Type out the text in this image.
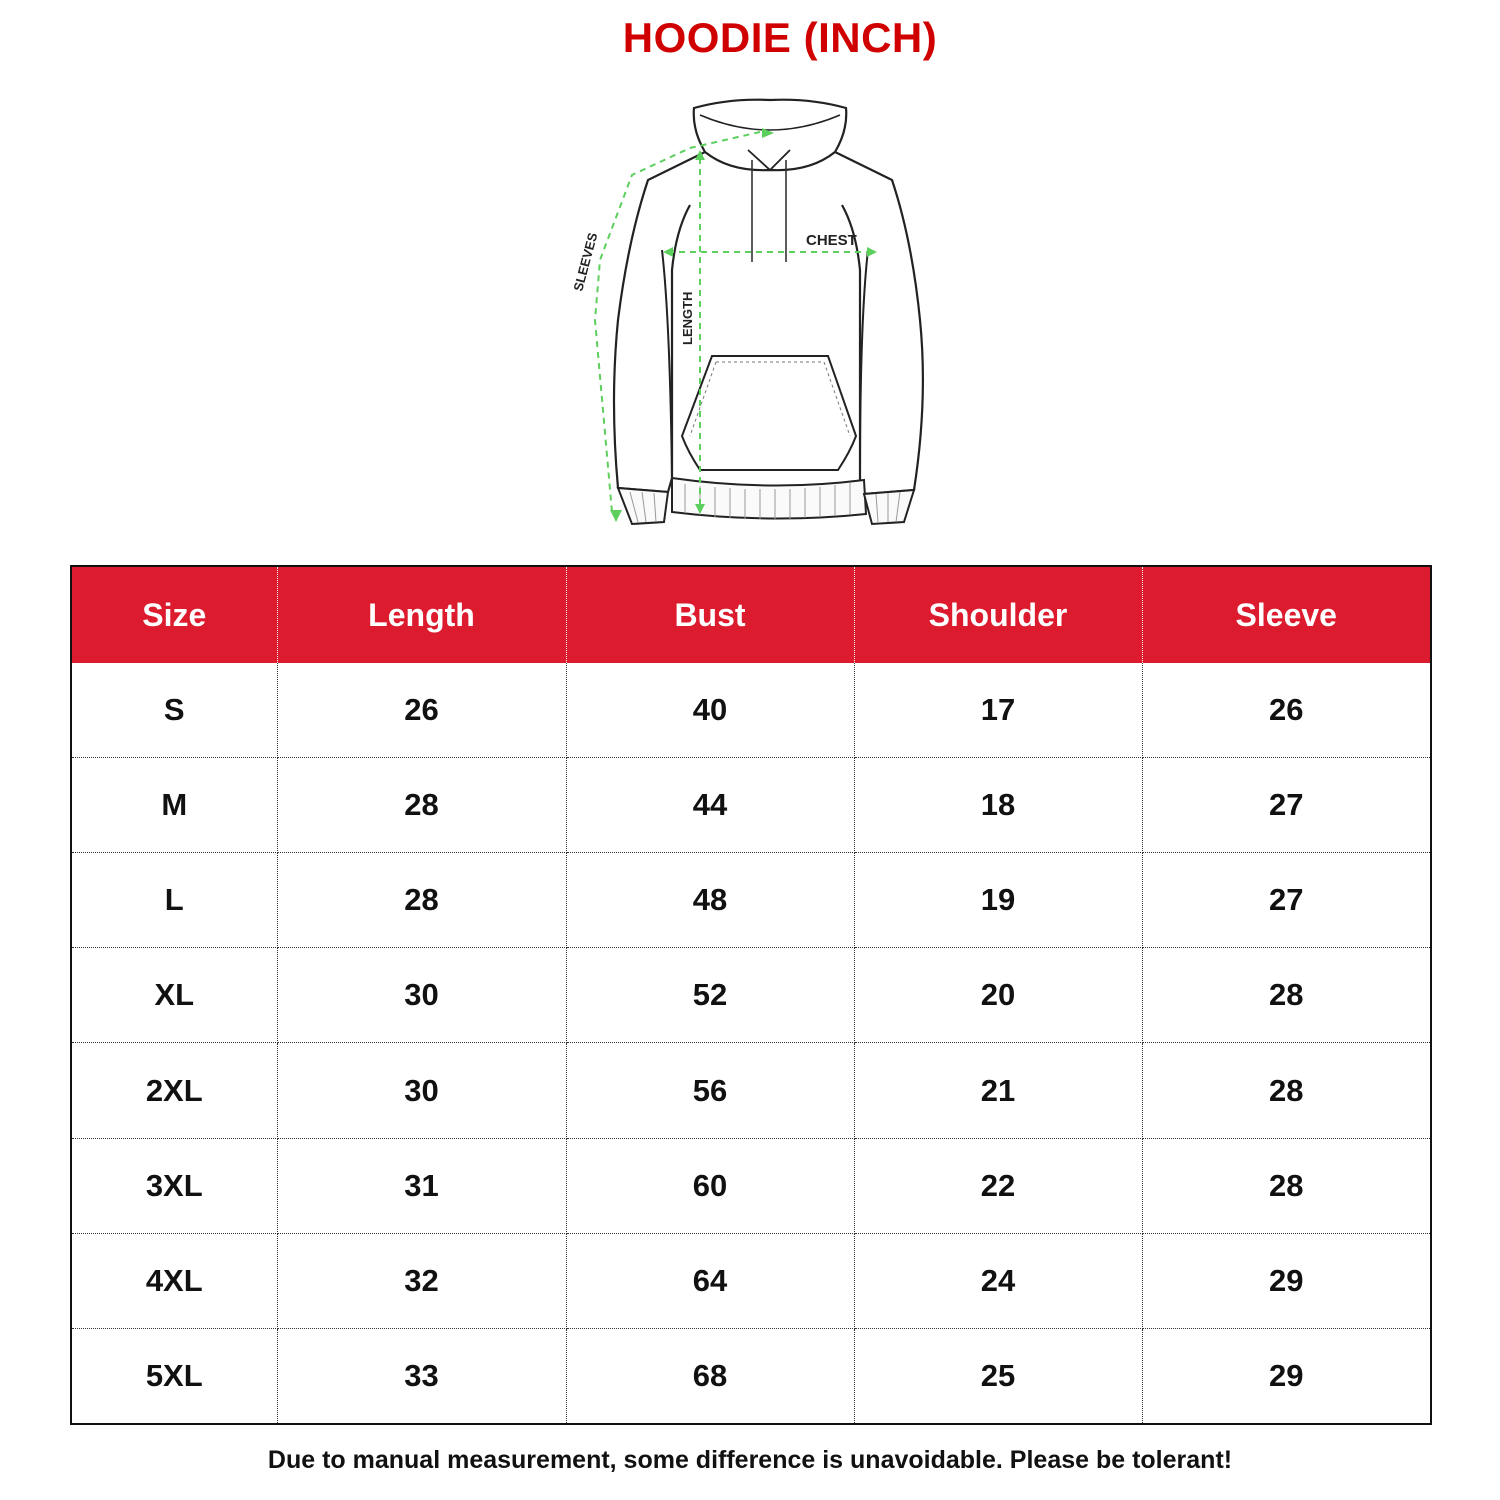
HOODIE (INCH)
CHEST
LENGTH
SLEEVES
Size	Length	Bust	Shoulder	Sleeve
S	26	40	17	26
M	28	44	18	27
L	28	48	19	27
XL	30	52	20	28
2XL	30	56	21	28
3XL	31	60	22	28
4XL	32	64	24	29
5XL	33	68	25	29
Due to manual measurement, some difference is unavoidable. Please be tolerant!
